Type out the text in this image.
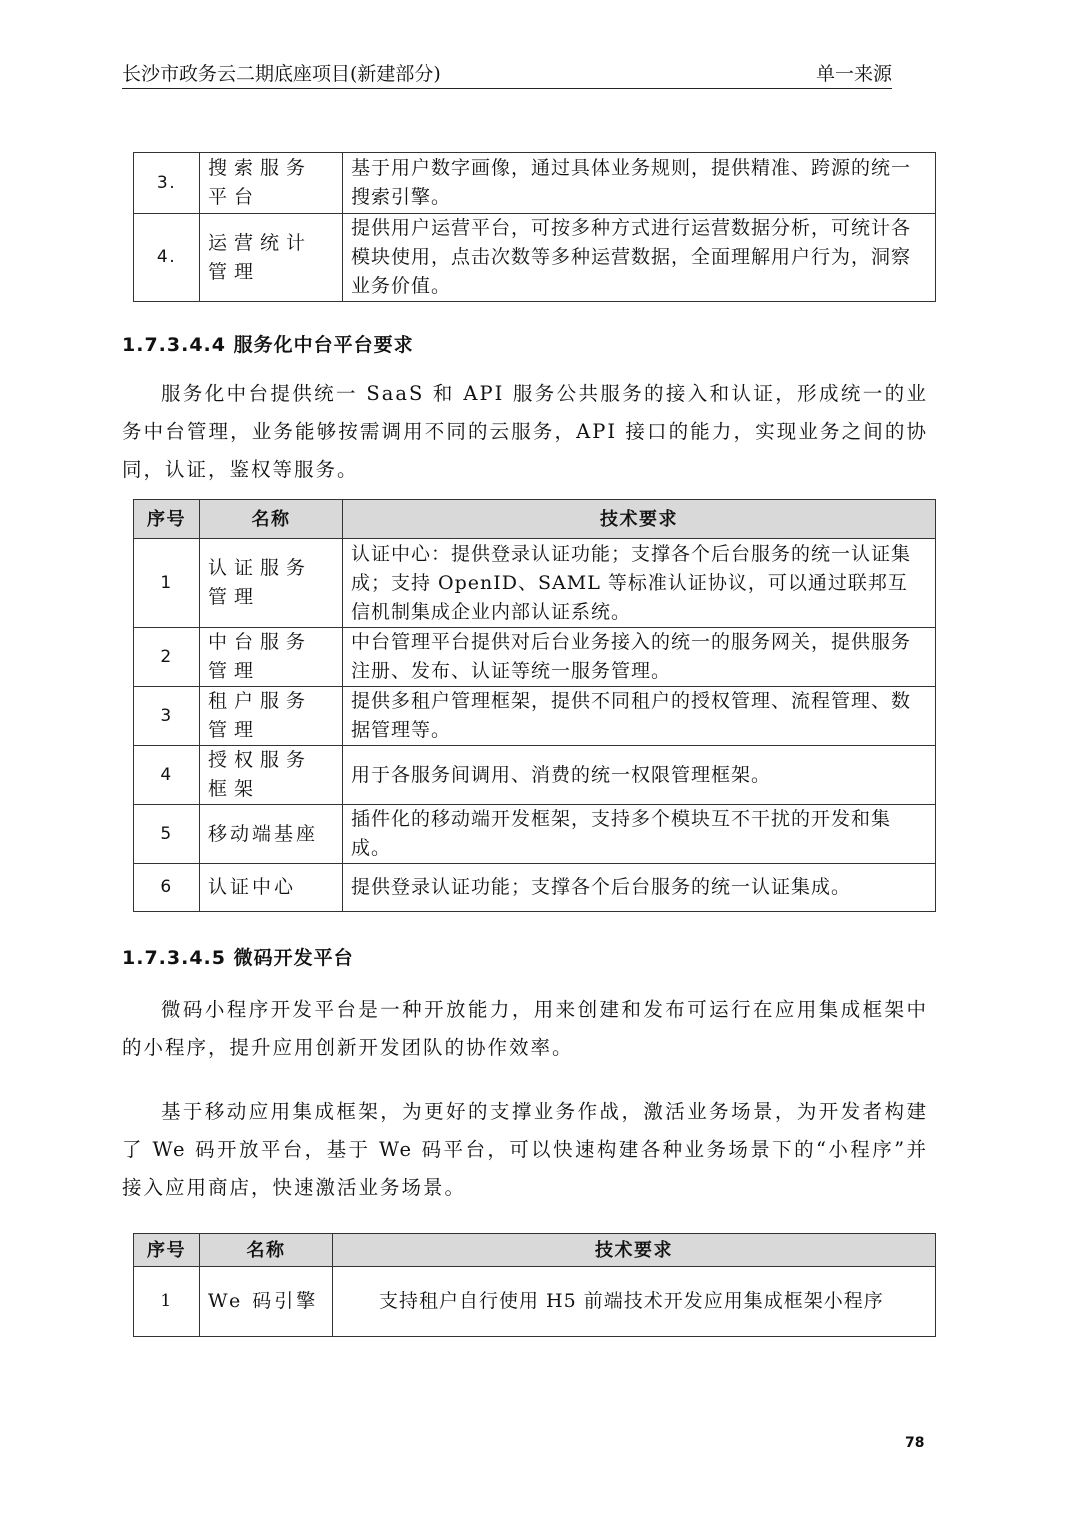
长沙市政务云二期底座项目(新建部分)	单一来源
3.	搜索服务平台	基于用户数字画像，通过具体业务规则，提供精准、跨源的统一搜索引擎。
4.	运营统计管理	提供用户运营平台，可按多种方式进行运营数据分析，可统计各模块使用，点击次数等多种运营数据，全面理解用户行为，洞察业务价值。
1.7.3.4.4 服务化中台平台要求

服务化中台提供统一 SaaS 和 API 服务公共服务的接入和认证，形成统一的业务中台管理，业务能够按需调用不同的云服务，API 接口的能力，实现业务之间的协同，认证，鉴权等服务。

序号	名称	技术要求
1	认证服务管理	认证中心：提供登录认证功能；支撑各个后台服务的统一认证集成；支持 OpenID、SAML 等标准认证协议，可以通过联邦互信机制集成企业内部认证系统。
2	中台服务管理	中台管理平台提供对后台业务接入的统一的服务网关，提供服务注册、发布、认证等统一服务管理。
3	租户服务管理	提供多租户管理框架，提供不同租户的授权管理、流程管理、数据管理等。
4	授权服务框架	用于各服务间调用、消费的统一权限管理框架。
5	移动端基座	插件化的移动端开发框架，支持多个模块互不干扰的开发和集成。
6	认证中心	提供登录认证功能；支撑各个后台服务的统一认证集成。
1.7.3.4.5 微码开发平台

微码小程序开发平台是一种开放能力，用来创建和发布可运行在应用集成框架中的小程序，提升应用创新开发团队的协作效率。

基于移动应用集成框架，为更好的支撑业务作战，激活业务场景，为开发者构建了 We 码开放平台，基于 We 码平台，可以快速构建各种业务场景下的“小程序”并接入应用商店，快速激活业务场景。

序号	名称	技术要求
1	We 码引擎	支持租户自行使用 H5 前端技术开发应用集成框架小程序
78
